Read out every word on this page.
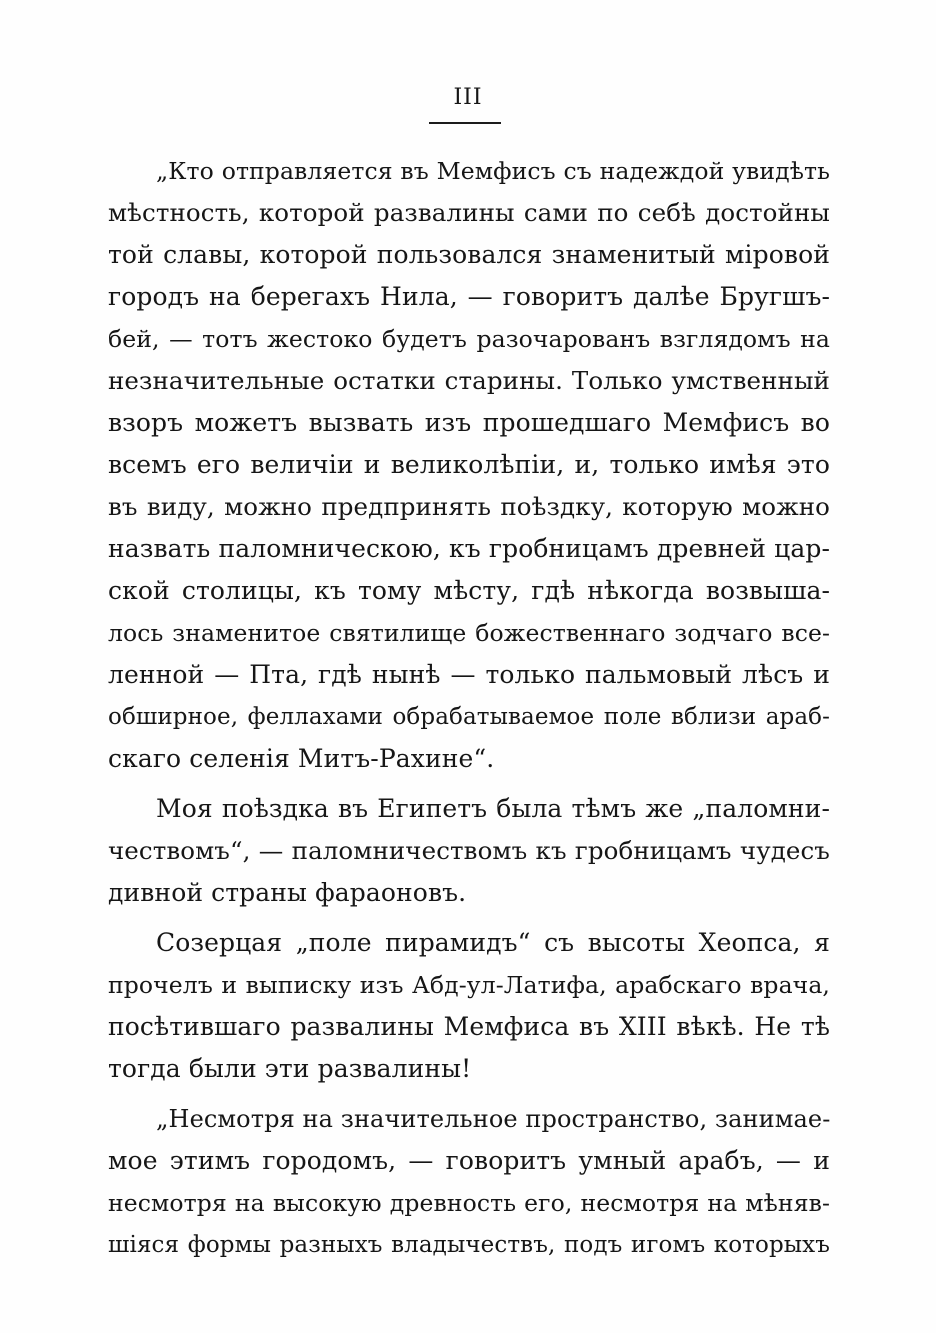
III
„Кто отправляется въ Мемфисъ съ надеждой увидѣть
мѣстность, которой развалины сами по себѣ достойны
той славы, которой пользовался знаменитый міровой
городъ на берегахъ Нила, — говоритъ далѣе Бругшъ-
бей, — тотъ жестоко будетъ разочарованъ взглядомъ на
незначительные остатки старины. Только умственный
взоръ можетъ вызвать изъ прошедшаго Мемфисъ во
всемъ его величіи и великолѣпіи, и, только имѣя это
въ виду, можно предпринять поѣздку, которую можно
назвать паломническою, къ гробницамъ древней цар-
ской столицы, къ тому мѣсту, гдѣ нѣкогда возвыша-
лось знаменитое святилище божественнаго зодчаго все-
ленной — Пта, гдѣ нынѣ — только пальмовый лѣсъ и
обширное, феллахами обрабатываемое поле вблизи араб-
скаго селенія Митъ-Рахине“.
Моя поѣздка въ Египетъ была тѣмъ же „паломни-
чествомъ“, — паломничествомъ къ гробницамъ чудесъ
дивной страны фараоновъ.
Созерцая „поле пирамидъ“ съ высоты Хеопса, я
прочелъ и выписку изъ Абд-ул-Латифа, арабскаго врача,
посѣтившаго развалины Мемфиса въ XIII вѣкѣ. Не тѣ
тогда были эти развалины!
„Несмотря на значительное пространство, занимае-
мое этимъ городомъ, — говоритъ умный арабъ, — и
несмотря на высокую древность его, несмотря на мѣняв-
шіяся формы разныхъ владычествъ, подъ игомъ которыхъ
